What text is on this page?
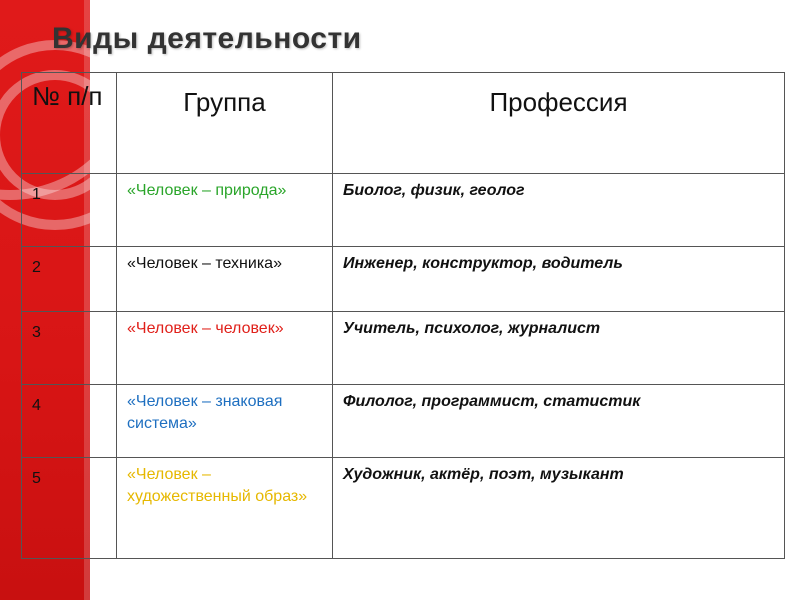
Виды деятельности
№ п/п	Группа	Профессия
1	«Человек – природа»	Биолог, физик, геолог
2	«Человек – техника»	Инженер, конструктор, водитель
3	«Человек – человек»	Учитель, психолог, журналист
4	«Человек – знаковая система»	Филолог, программист, статистик
5	«Человек – художественный образ»	Художник, актёр, поэт, музыкант
